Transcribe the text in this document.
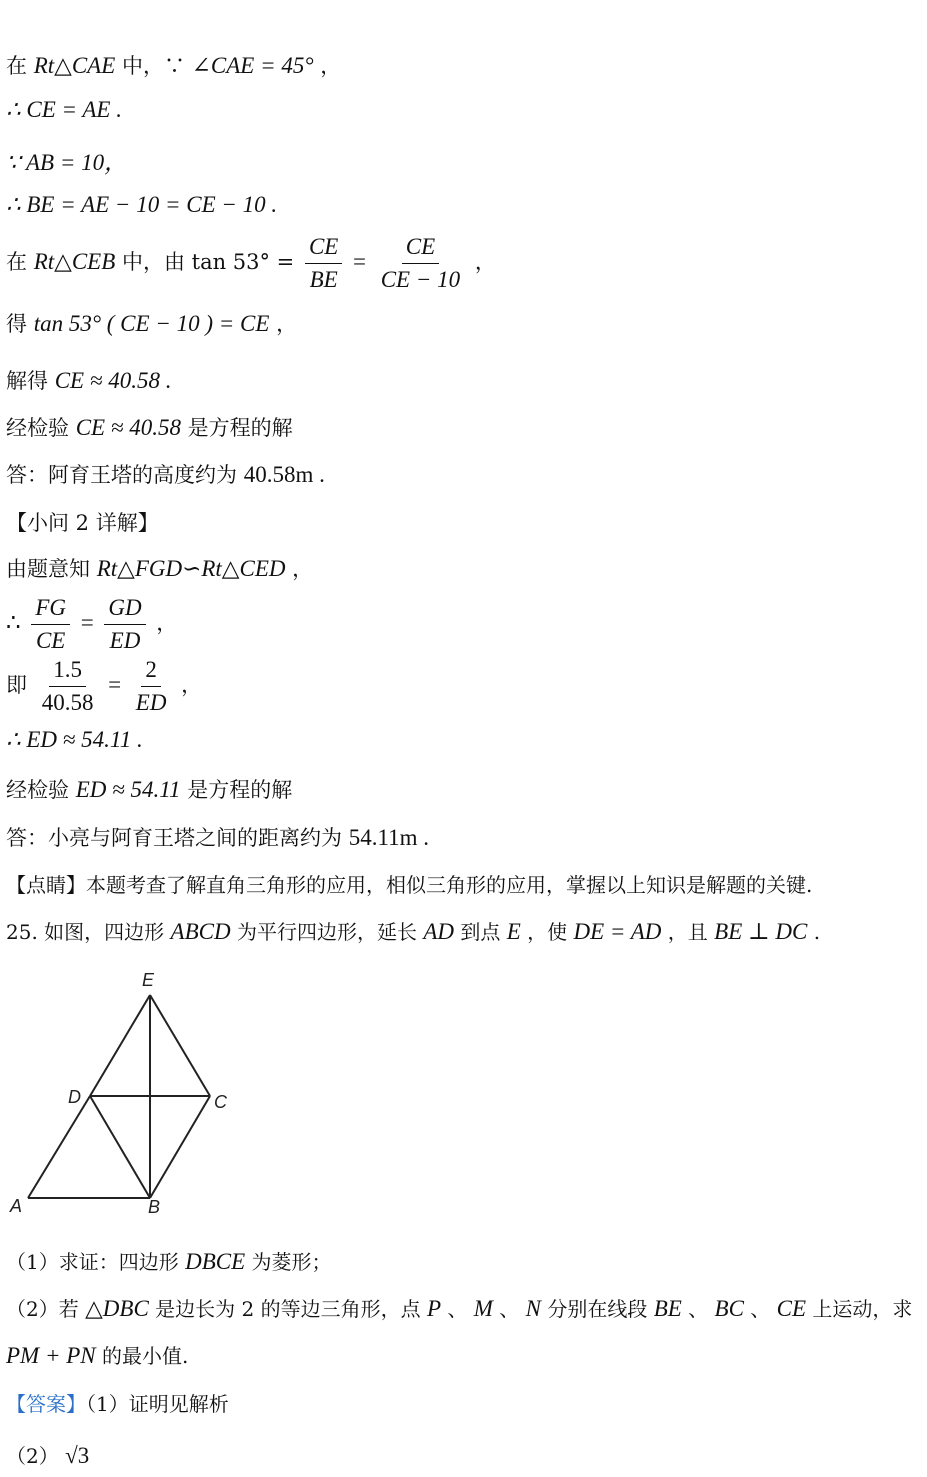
在 Rt△CAE 中，∵ ∠CAE = 45° ，
∴ CE = AE .
∵ AB = 10，
∴ BE = AE − 10 = CE − 10 .
在 Rt△CEB 中，由 $\tan 53^\circ = \frac{CE}{BE} = \frac{CE}{CE - 10}$ ，
得 tan 53° ( CE − 10 ) = CE ，
解得 CE ≈ 40.58 .
经检验 CE ≈ 40.58 是方程的解
答：阿育王塔的高度约为 40.58m .
【小问 2 详解】
由题意知 Rt△FGD∽Rt△CED ，
∴ $\frac{FG}{CE} = \frac{GD}{ED}$ ，
即 $\frac{1.5}{40.58} = \frac{2}{ED}$ ，
∴ ED ≈ 54.11 .
经检验 ED ≈ 54.11 是方程的解
答：小亮与阿育王塔之间的距离约为 54.11m .
【点睛】本题考查了解直角三角形的应用，相似三角形的应用，掌握以上知识是解题的关键.
25. 如图，四边形 ABCD 为平行四边形，延长 AD 到点 E ，使 DE = AD ，且 BE ⊥ DC .
E
D	C
A	B
（1）求证：四边形 DBCE 为菱形；
（2）若 △DBC 是边长为 2 的等边三角形，点 P 、 M 、 N 分别在线段 BE 、 BC 、 CE 上运动，求
PM + PN 的最小值.
【答案】（1）证明见解析
（2） √3
